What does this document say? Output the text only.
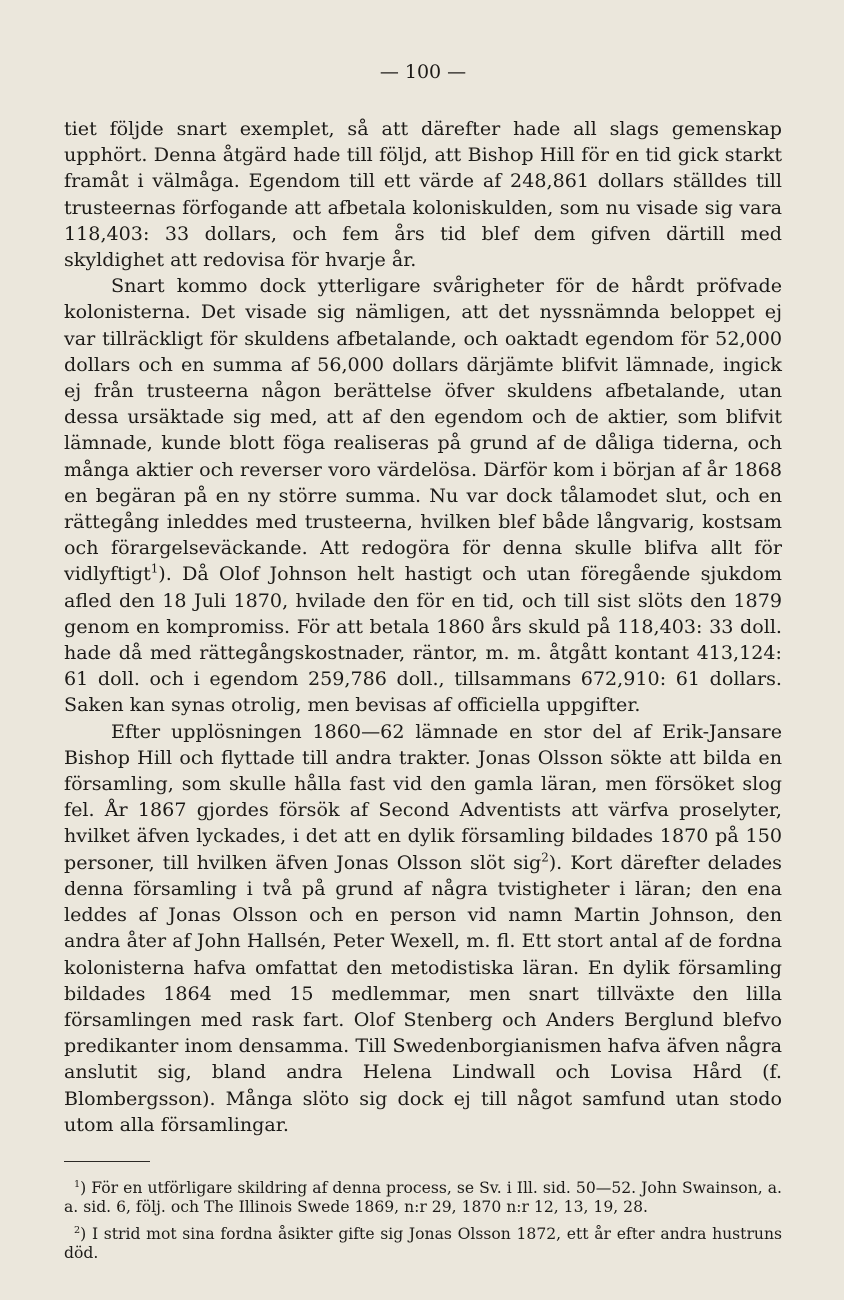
— 100 —

tiet följde snart exemplet, så att därefter hade all slags gemenskap upphört. Denna åtgärd hade till följd, att Bishop Hill för en tid gick starkt framåt i välmåga. Egendom till ett värde af 248,861 dollars ställdes till trusteernas förfogande att afbetala koloniskulden, som nu visade sig vara 118,403: 33 dollars, och fem års tid blef dem gifven därtill med skyldighet att redovisa för hvarje år.

Snart kommo dock ytterligare svårigheter för de hårdt pröfvade kolonisterna. Det visade sig nämligen, att det nyssnämnda beloppet ej var tillräckligt för skuldens afbetalande, och oaktadt egendom för 52,000 dollars och en summa af 56,000 dollars därjämte blifvit lämnade, ingick ej från trusteerna någon berättelse öfver skuldens afbetalande, utan dessa ursäktade sig med, att af den egendom och de aktier, som blifvit lämnade, kunde blott föga realiseras på grund af de dåliga tiderna, och många aktier och reverser voro värdelösa. Därför kom i början af år 1868 en begäran på en ny större summa. Nu var dock tålamodet slut, och en rättegång inleddes med trusteerna, hvilken blef både långvarig, kostsam och förargelseväckande. Att redogöra för denna skulle blifva allt för vidlyftigt$^1$). Då Olof Johnson helt hastigt och utan föregående sjukdom afled den 18 Juli 1870, hvilade den för en tid, och till sist slöts den 1879 genom en kompromiss. För att betala 1860 års skuld på 118,403: 33 doll. hade då med rättegångskostnader, räntor, m. m. åtgått kontant 413,124: 61 doll. och i egendom 259,786 doll., tillsammans 672,910: 61 dollars. Saken kan synas otrolig, men bevisas af officiella uppgifter.

Efter upplösningen 1860—62 lämnade en stor del af Erik-Jansare Bishop Hill och flyttade till andra trakter. Jonas Olsson sökte att bilda en församling, som skulle hålla fast vid den gamla läran, men försöket slog fel. År 1867 gjordes försök af Second Adventists att värfva proselyter, hvilket äfven lyckades, i det att en dylik församling bildades 1870 på 150 personer, till hvilken äfven Jonas Olsson slöt sig$^2$). Kort därefter delades denna församling i två på grund af några tvistigheter i läran; den ena leddes af Jonas Olsson och en person vid namn Martin Johnson, den andra åter af John Hallsén, Peter Wexell, m. fl. Ett stort antal af de fordna kolonisterna hafva omfattat den metodistiska läran. En dylik församling bildades 1864 med 15 medlemmar, men snart tillväxte den lilla församlingen med rask fart. Olof Stenberg och Anders Berglund blefvo predikanter inom densamma. Till Swedenborgianismen hafva äfven några anslutit sig, bland andra Helena Lindwall och Lovisa Hård (f. Blombergsson). Många slöto sig dock ej till något samfund utan stodo utom alla församlingar.

$^1$) För en utförligare skildring af denna process, se Sv. i Ill. sid. 50—52. John Swainson, a. a. sid. 6, följ. och The Illinois Swede 1869, n:r 29, 1870 n:r 12, 13, 19, 28.

$^2$) I strid mot sina fordna åsikter gifte sig Jonas Olsson 1872, ett år efter andra hustruns död.
